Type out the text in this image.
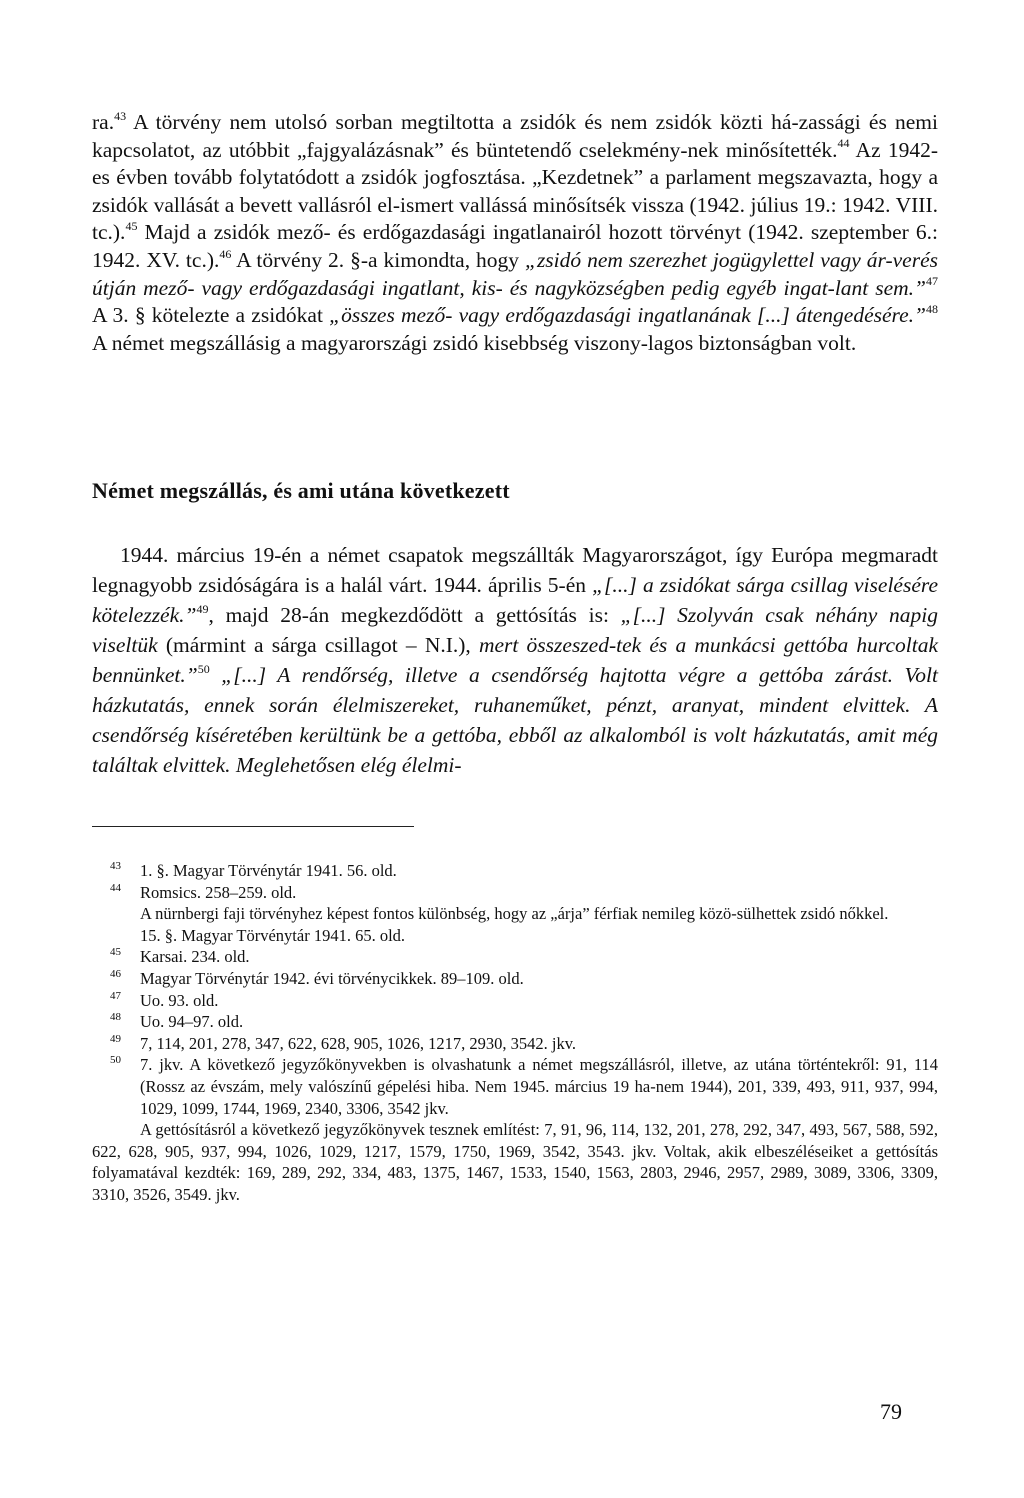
ra.$^{43}$ A törvény nem utolsó sorban megtiltotta a zsidók és nem zsidók közti há-zassági és nemi kapcsolatot, az utóbbit „fajgyalázásnak” és büntetendő cselekmény-nek minősítették.$^{44}$ Az 1942-es évben tovább folytatódott a zsidók jogfosztása. „Kezdetnek” a parlament megszavazta, hogy a zsidók vallását a bevett vallásról el-ismert vallássá minősítsék vissza (1942. július 19.: 1942. VIII. tc.).$^{45}$ Majd a zsidók mező- és erdőgazdasági ingatlanairól hozott törvényt (1942. szeptember 6.: 1942. XV. tc.).$^{46}$ A törvény 2. §-a kimondta, hogy „zsidó nem szerezhet jogügylettel vagy ár-verés útján mező- vagy erdőgazdasági ingatlant, kis- és nagyközségben pedig egyéb ingat-lant sem.”$^{47}$ A 3. § kötelezte a zsidókat „összes mező- vagy erdőgazdasági ingatlanának [...] átengedésére.”$^{48}$ A német megszállásig a magyarországi zsidó kisebbség viszony-lagos biztonságban volt.

Német megszállás, és ami utána következett

1944. március 19-én a német csapatok megszállták Magyarországot, így Európa megmaradt legnagyobb zsidóságára is a halál várt. 1944. április 5-én „[...] a zsidókat sárga csillag viselésére kötelezzék.”$^{49}$, majd 28-án megkezdődött a gettósítás is: „[...] Szolyván csak néhány napig viseltük (mármint a sárga csillagot – N.I.), mert összeszed-tek és a munkácsi gettóba hurcoltak bennünket.”$^{50}$ „[...] A rendőrség, illetve a csendőrség hajtotta végre a gettóba zárást. Volt házkutatás, ennek során élelmiszereket, ruhaneműket, pénzt, aranyat, mindent elvittek. A csendőrség kíséretében kerültünk be a gettóba, ebből az alkalomból is volt házkutatás, amit még találtak elvittek. Meglehetősen elég élelmi-

43 1. §. Magyar Törvénytár 1941. 56. old.
44 Romsics. 258–259. old.
A nürnbergi faji törvényhez képest fontos különbség, hogy az „árja” férfiak nemileg közö-sülhettek zsidó nőkkel.
15. §. Magyar Törvénytár 1941. 65. old.
45 Karsai. 234. old.
46 Magyar Törvénytár 1942. évi törvénycikkek. 89–109. old.
47 Uo. 93. old.
48 Uo. 94–97. old.
49 7, 114, 201, 278, 347, 622, 628, 905, 1026, 1217, 2930, 3542. jkv.
50 7. jkv. A következő jegyzőkönyvekben is olvashatunk a német megszállásról, illetve, az utána történtekről: 91, 114 (Rossz az évszám, mely valószínű gépelési hiba. Nem 1945. március 19 ha-nem 1944), 201, 339, 493, 911, 937, 994, 1029, 1099, 1744, 1969, 2340, 3306, 3542 jkv.
A gettósításról a következő jegyzőkönyvek tesznek említést: 7, 91, 96, 114, 132, 201, 278, 292, 347, 493, 567, 588, 592, 622, 628, 905, 937, 994, 1026, 1029, 1217, 1579, 1750, 1969, 3542, 3543. jkv. Voltak, akik elbeszéléseiket a gettósítás folyamatával kezdték: 169, 289, 292, 334, 483, 1375, 1467, 1533, 1540, 1563, 2803, 2946, 2957, 2989, 3089, 3306, 3309, 3310, 3526, 3549. jkv.
79
